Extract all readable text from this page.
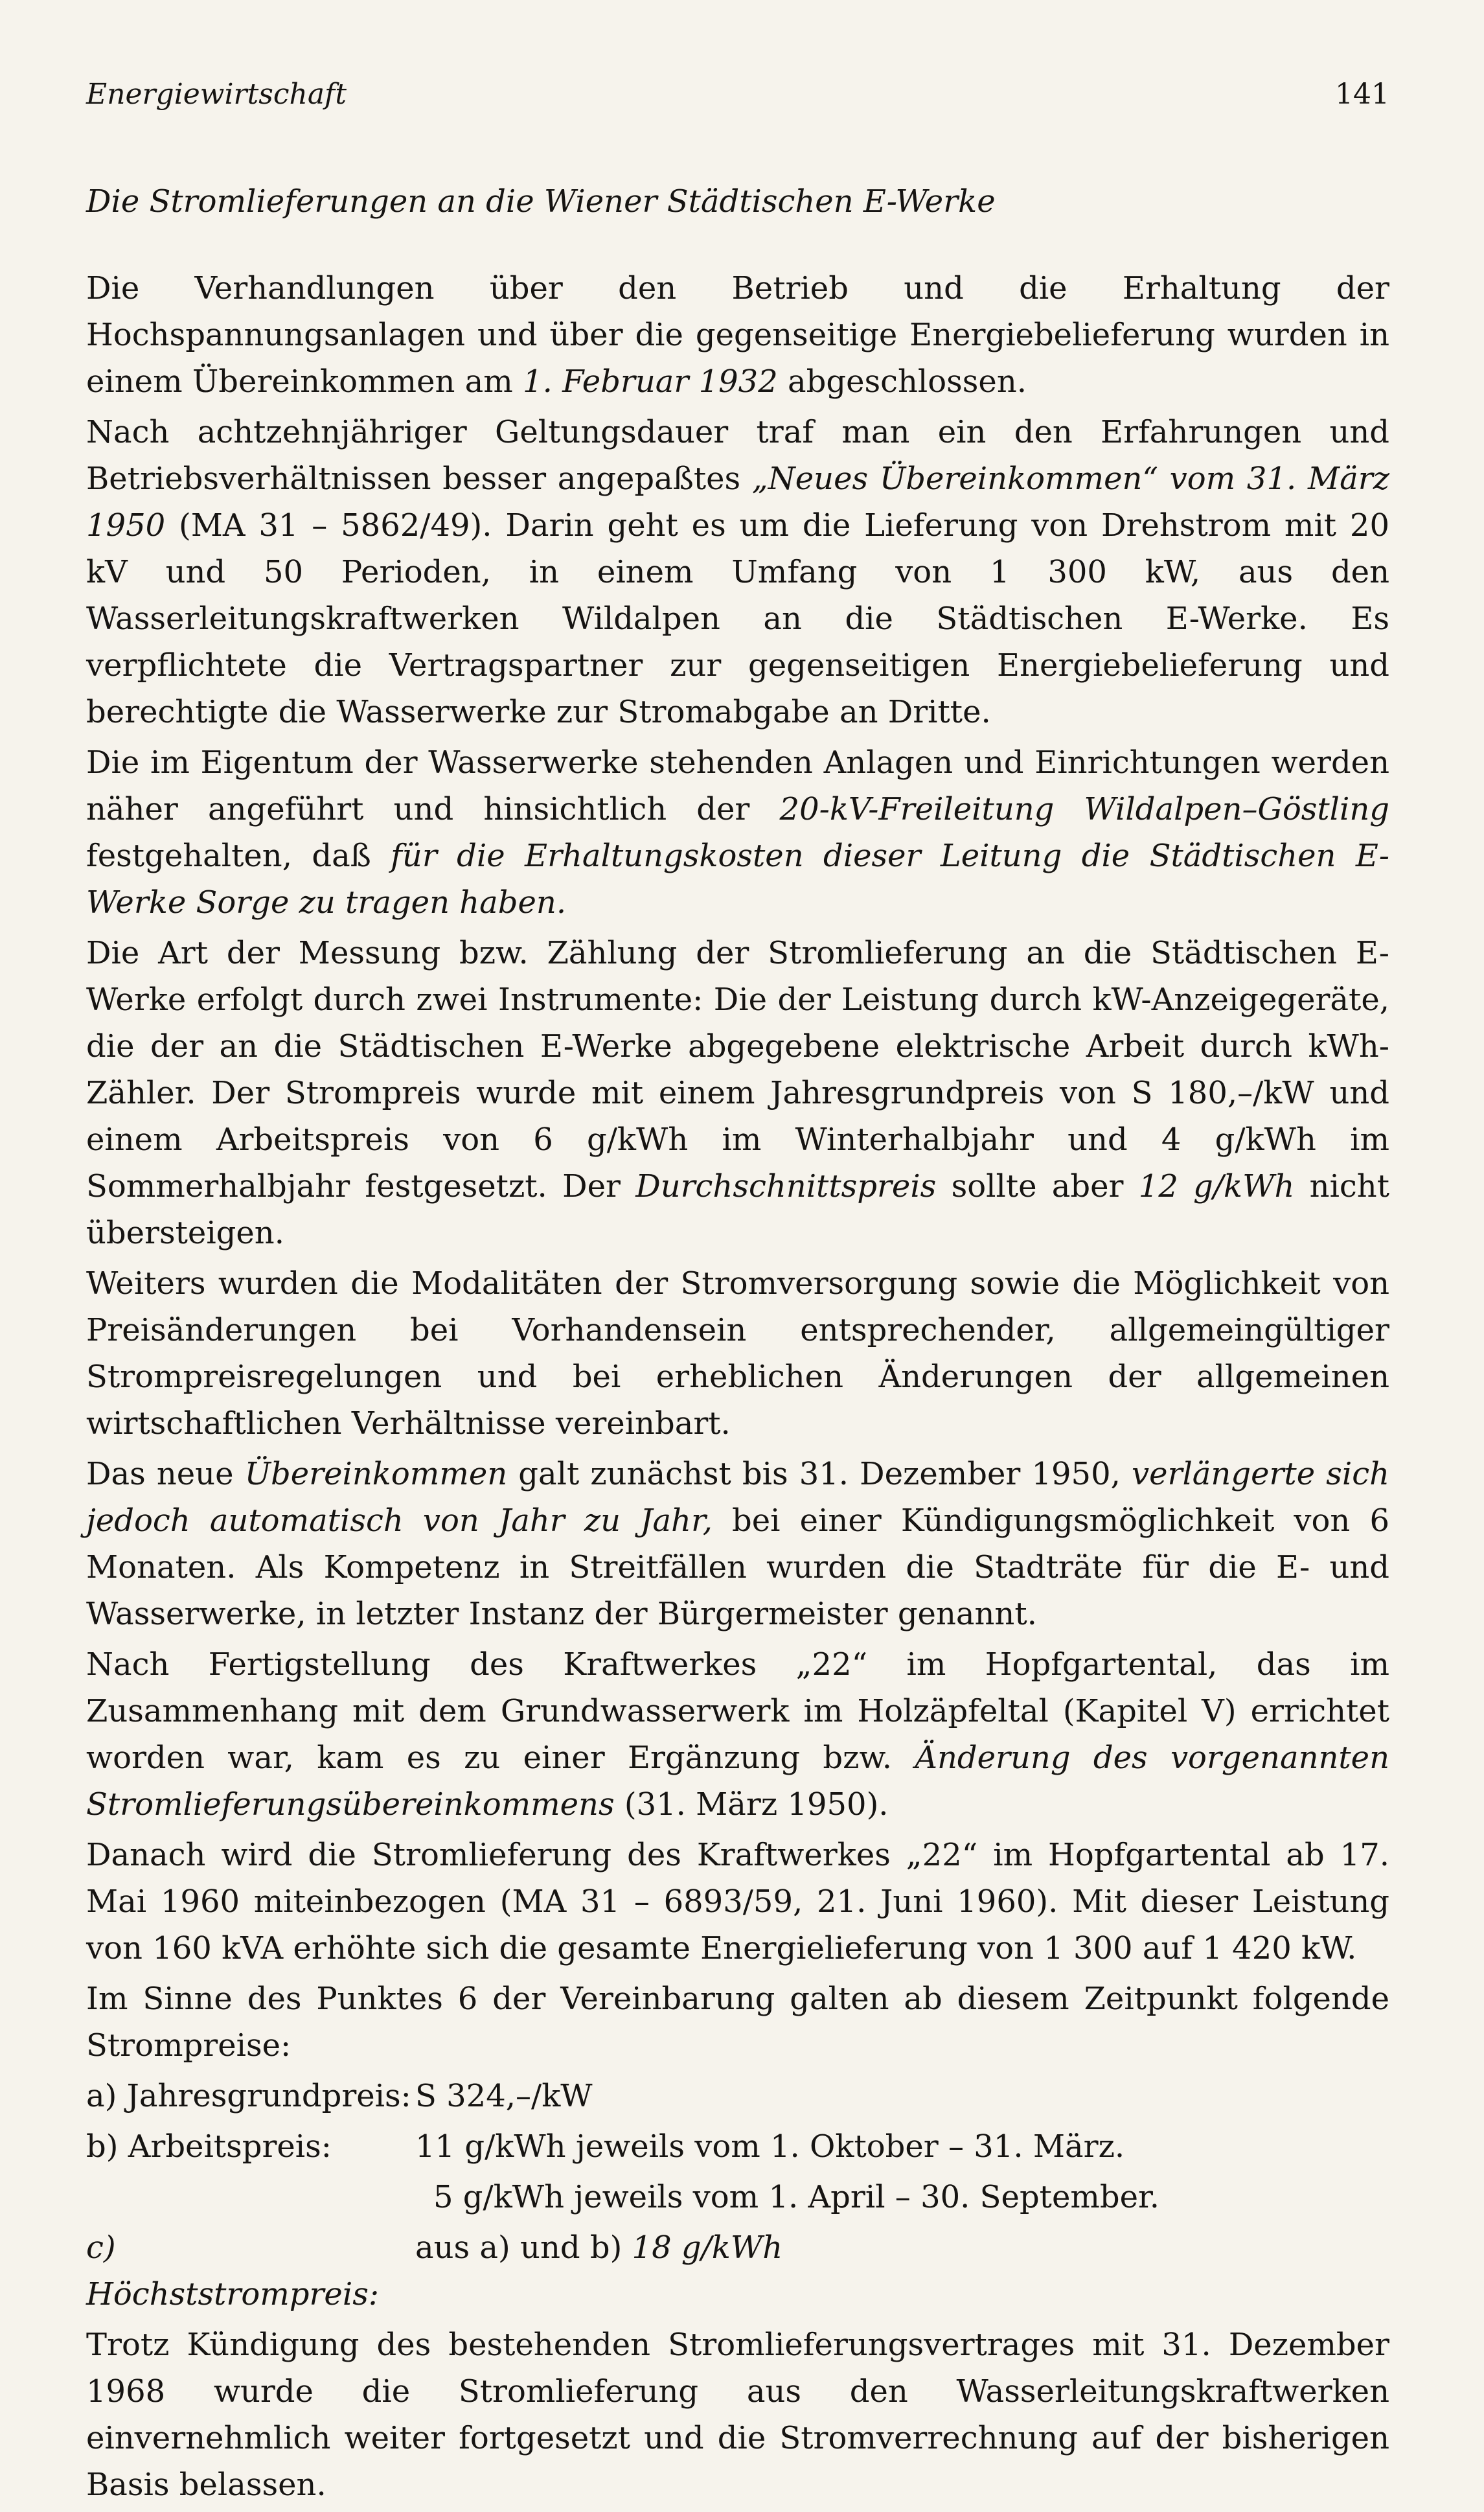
Energiewirtschaft	141
Die Stromlieferungen an die Wiener Städtischen E-Werke

Die Verhandlungen über den Betrieb und die Erhaltung der Hochspannungsanlagen und über die gegenseitige Energiebelieferung wurden in einem Übereinkommen am 1. Februar 1932 abgeschlossen.

Nach achtzehnjähriger Geltungsdauer traf man ein den Erfahrungen und Betriebsverhältnissen besser angepaßtes „Neues Übereinkommen“ vom 31. März 1950 (MA 31 – 5862/49). Darin geht es um die Lieferung von Drehstrom mit 20 kV und 50 Perioden, in einem Umfang von 1 300 kW, aus den Wasserleitungskraftwerken Wildalpen an die Städtischen E-Werke. Es verpflichtete die Vertragspartner zur gegenseitigen Energiebelieferung und berechtigte die Wasserwerke zur Stromabgabe an Dritte.

Die im Eigentum der Wasserwerke stehenden Anlagen und Einrichtungen werden näher angeführt und hinsichtlich der 20-kV-Freileitung Wildalpen–Göstling festgehalten, daß für die Erhaltungskosten dieser Leitung die Städtischen E-Werke Sorge zu tragen haben.

Die Art der Messung bzw. Zählung der Stromlieferung an die Städtischen E-Werke erfolgt durch zwei Instrumente: Die der Leistung durch kW-Anzeigegeräte, die der an die Städtischen E-Werke abgegebene elektrische Arbeit durch kWh-Zähler. Der Strompreis wurde mit einem Jahresgrundpreis von S 180,–/kW und einem Arbeitspreis von 6 g/kWh im Winterhalbjahr und 4 g/kWh im Sommerhalbjahr festgesetzt. Der Durchschnittspreis sollte aber 12 g/kWh nicht übersteigen.

Weiters wurden die Modalitäten der Stromversorgung sowie die Möglichkeit von Preisänderungen bei Vorhandensein entsprechender, allgemeingültiger Strompreisregelungen und bei erheblichen Änderungen der allgemeinen wirtschaftlichen Verhältnisse vereinbart.

Das neue Übereinkommen galt zunächst bis 31. Dezember 1950, verlängerte sich jedoch automatisch von Jahr zu Jahr, bei einer Kündigungsmöglichkeit von 6 Monaten. Als Kompetenz in Streitfällen wurden die Stadträte für die E- und Wasserwerke, in letzter Instanz der Bürgermeister genannt.

Nach Fertigstellung des Kraftwerkes „22“ im Hopfgartental, das im Zusammenhang mit dem Grundwasserwerk im Holzäpfeltal (Kapitel V) errichtet worden war, kam es zu einer Ergänzung bzw. Änderung des vorgenannten Stromlieferungsübereinkommens (31. März 1950).

Danach wird die Stromlieferung des Kraftwerkes „22“ im Hopfgartental ab 17. Mai 1960 miteinbezogen (MA 31 – 6893/59, 21. Juni 1960). Mit dieser Leistung von 160 kVA erhöhte sich die gesamte Energielieferung von 1 300 auf 1 420 kW.

Im Sinne des Punktes 6 der Vereinbarung galten ab diesem Zeitpunkt folgende Strompreise:

a) Jahresgrundpreis: S 324,–/kW
b) Arbeitspreis:	11 g/kWh jeweils vom 1. Oktober – 31. März.
5 g/kWh jeweils vom 1. April – 30. September.
c) Höchststrompreis:
aus a) und b) 18 g/kWh

Trotz Kündigung des bestehenden Stromlieferungsvertrages mit 31. Dezember 1968 wurde die Stromlieferung aus den Wasserleitungskraftwerken einvernehmlich weiter fortgesetzt und die Stromverrechnung auf der bisherigen Basis belassen.
